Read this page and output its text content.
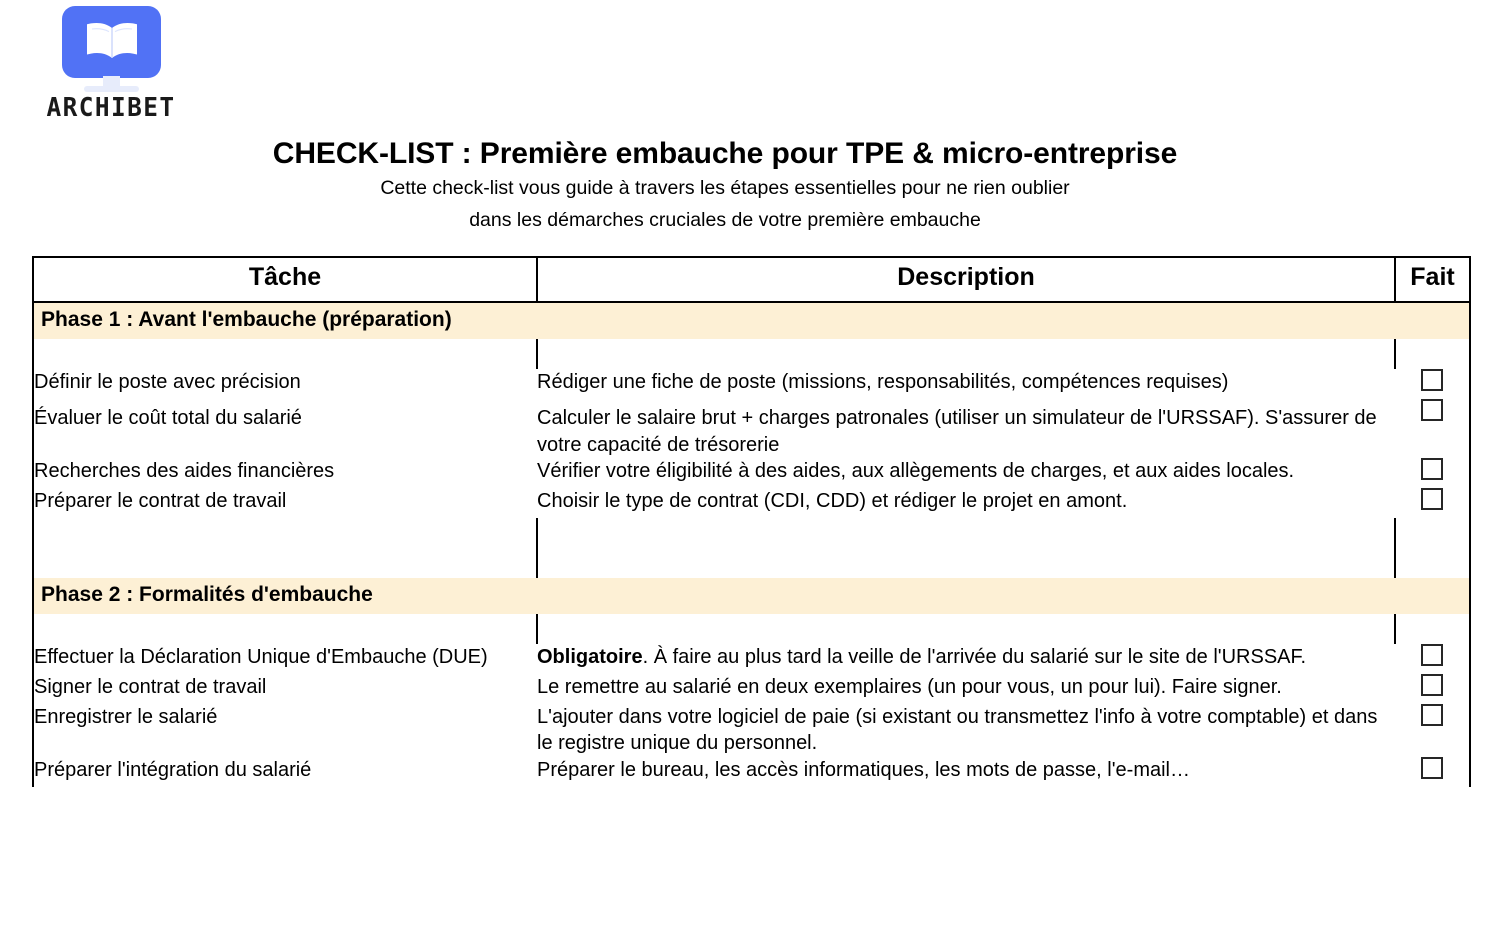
ARCHIBET
CHECK-LIST : Première embauche pour TPE & micro-entreprise

Cette check-list vous guide à travers les étapes essentielles pour ne rien oublier

dans les démarches cruciales de votre première embauche

Tâche	Description	Fait
Phase 1 : Avant l'embauche (préparation)		

Définir le poste avec précision	Rédiger une fiche de poste (missions, responsabilités, compétences requises)	
Évaluer le coût total du salarié	Calculer le salaire brut + charges patronales (utiliser un simulateur de l'URSSAF). S'assurer de votre capacité de trésorerie	
Recherches des aides financières	Vérifier votre éligibilité à des aides, aux allègements de charges, et aux aides locales.	
Préparer le contrat de travail	Choisir le type de contrat (CDI, CDD) et rédiger le projet en amont.	

Phase 2 : Formalités d'embauche		

Effectuer la Déclaration Unique d'Embauche (DUE)	Obligatoire. À faire au plus tard la veille de l'arrivée du salarié sur le site de l'URSSAF.	
Signer le contrat de travail	Le remettre au salarié en deux exemplaires (un pour vous, un pour lui). Faire signer.	
Enregistrer le salarié	L'ajouter dans votre logiciel de paie (si existant ou transmettez l'info à votre comptable) et dans le registre unique du personnel.	
Préparer l'intégration du salarié	Préparer le bureau, les accès informatiques, les mots de passe, l'e-mail…	
